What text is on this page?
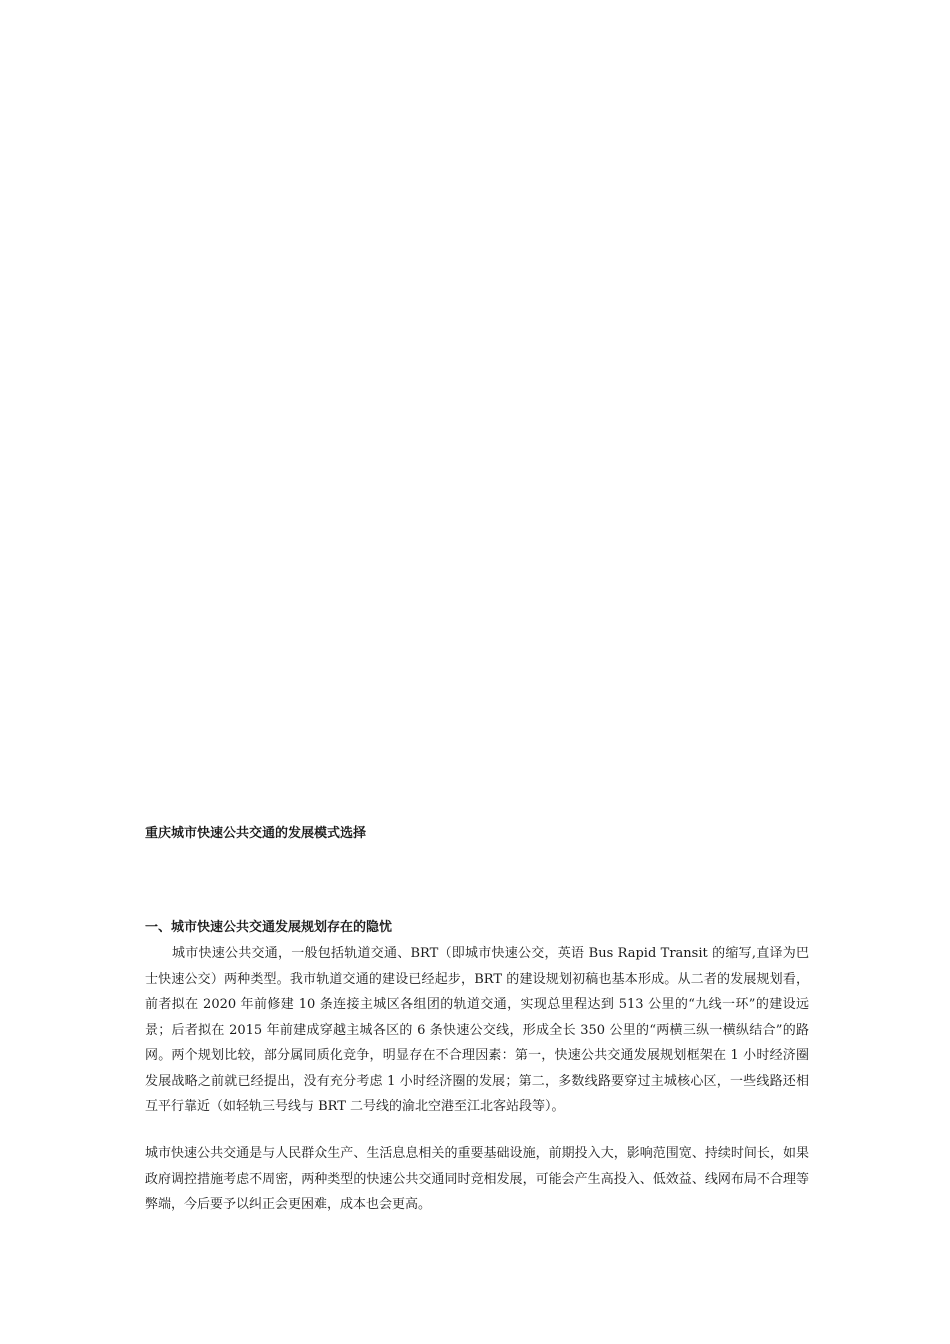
重庆城市快速公共交通的发展模式选择
一、城市快速公共交通发展规划存在的隐忧

城市快速公共交通，一般包括轨道交通、BRT（即城市快速公交，英语 Bus Rapid Transit 的缩写,直译为巴士快速公交）两种类型。我市轨道交通的建设已经起步，BRT 的建设规划初稿也基本形成。从二者的发展规划看，前者拟在 2020 年前修建 10 条连接主城区各组团的轨道交通，实现总里程达到 513 公里的“九线一环”的建设远景；后者拟在 2015 年前建成穿越主城各区的 6 条快速公交线，形成全长 350 公里的“两横三纵一横纵结合”的路网。两个规划比较，部分属同质化竞争，明显存在不合理因素：第一，快速公共交通发展规划框架在 1 小时经济圈发展战略之前就已经提出，没有充分考虑 1 小时经济圈的发展；第二，多数线路要穿过主城核心区，一些线路还相互平行靠近（如轻轨三号线与 BRT 二号线的渝北空港至江北客站段等）。

城市快速公共交通是与人民群众生产、生活息息相关的重要基础设施，前期投入大，影响范围宽、持续时间长，如果政府调控措施考虑不周密，两种类型的快速公共交通同时竞相发展，可能会产生高投入、低效益、线网布局不合理等弊端，今后要予以纠正会更困难，成本也会更高。
